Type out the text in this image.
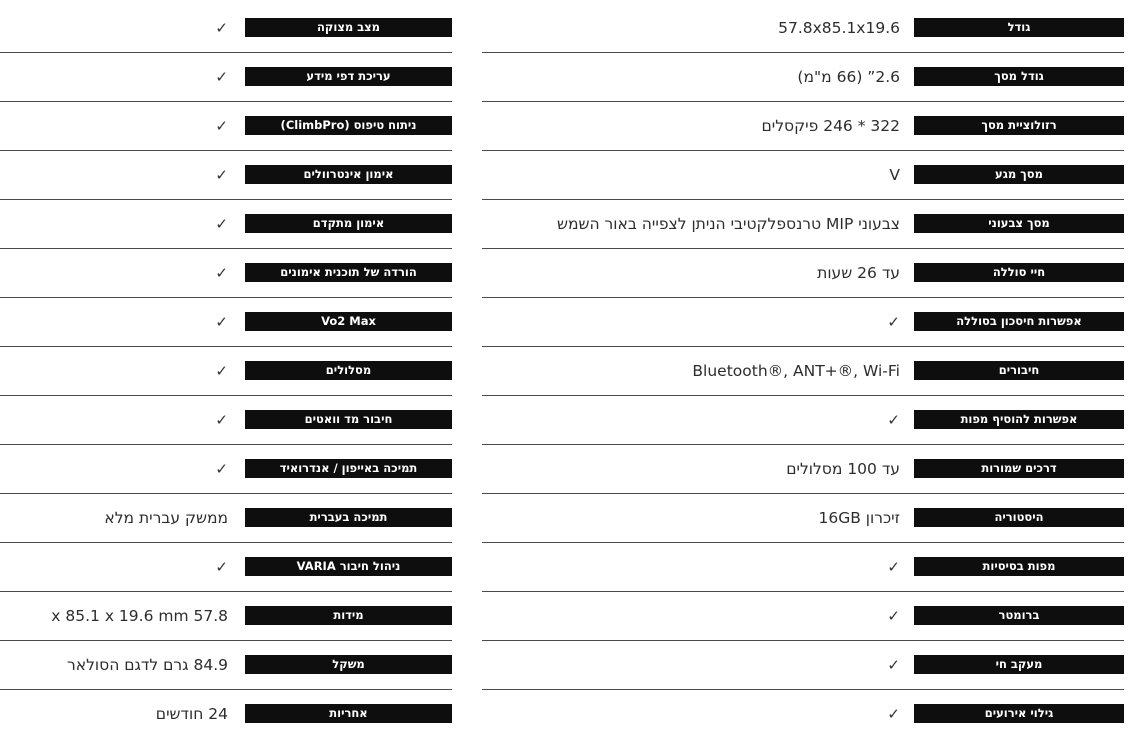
גודל
57.8x85.1x19.6
גודל מסך
2.6” (66 מ"מ)
רזולוציית מסך
322 * 246 פיקסלים
מסך מגע
V
מסך צבעוני
צבעוני MIP טרנספלקטיבי הניתן לצפייה באור השמש
חיי סוללה
עד 26 שעות
אפשרות חיסכון בסוללה
✓
חיבורים
Bluetooth®, ANT+®, Wi-Fi
אפשרות להוסיף מפות
✓
דרכים שמורות
עד 100 מסלולים
היסטוריה
זיכרון 16GB
מפות בסיסיות
✓
ברומטר
✓
מעקב חי
✓
גילוי אירועים
✓
מצב מצוקה
✓
עריכת דפי מידע
✓
ניתוח טיפוס (ClimbPro)
✓
אימון אינטרוולים
✓
אימון מתקדם
✓
הורדה של תוכנית אימונים
✓
Vo2 Max
✓
מסלולים
✓
חיבור מד וואטים
✓
תמיכה באייפון / אנדרואיד
✓
תמיכה בעברית
ממשק עברית מלא
ניהול חיבור VARIA
✓
מידות
x 85.1 x 19.6 mm 57.8
משקל
84.9 גרם לדגם הסולאר
אחריות
24 חודשים
